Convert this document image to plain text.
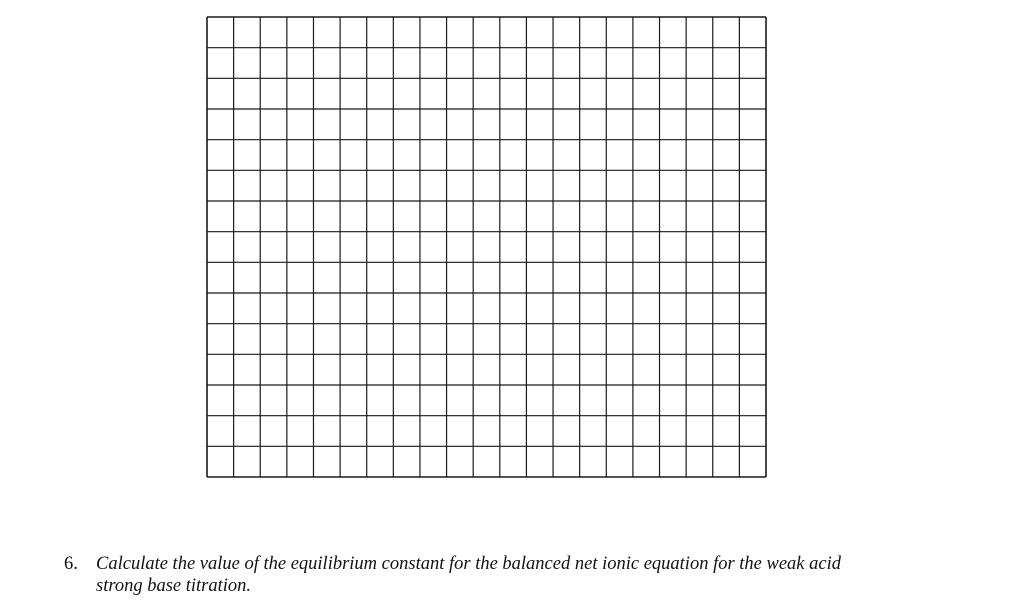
6. Calculate the value of the equilibrium constant for the balanced net ionic equation for the weak acid
strong base titration.
